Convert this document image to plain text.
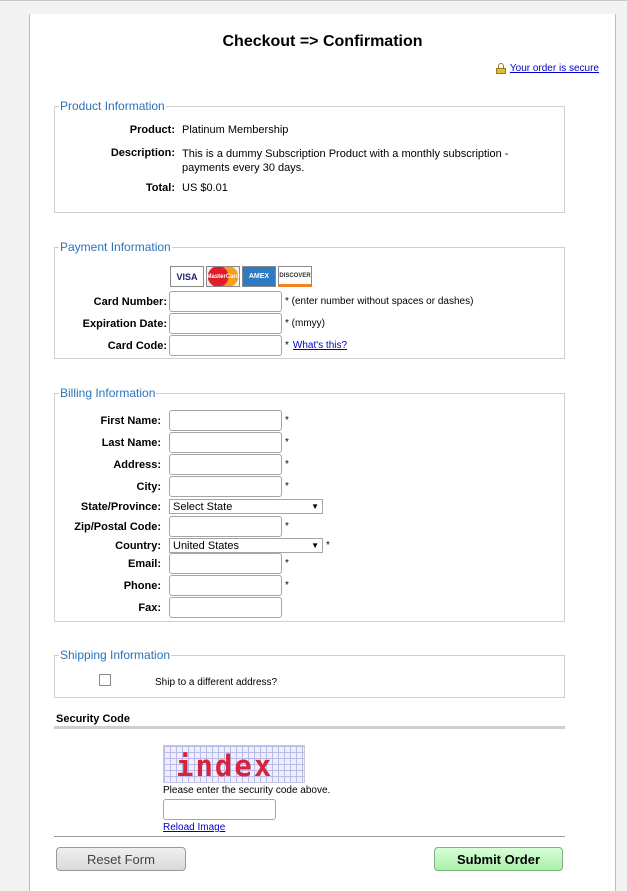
Checkout => Confirmation
Your order is secure
Product Information
Product: Platinum Membership
Description: This is a dummy Subscription Product with a monthly subscription - payments every 30 days.
Total: US $0.01
Payment Information
VISA	MasterCard	AMEX	DISCOVER
Card Number:	* (enter number without spaces or dashes)
Expiration Date:	* (mmyy)
Card Code:	* What's this?
Billing Information
First Name:	*
Last Name:	*
Address:	*
City:	*
State/Province: Select State	▼
Zip/Postal Code:	*
Country: United States	▼ *
Email:	*
Phone:	*
Fax:
Shipping Information
Ship to a different address?
Security Code
index
Please enter the security code above.
Reload Image
Reset Form	Submit Order
